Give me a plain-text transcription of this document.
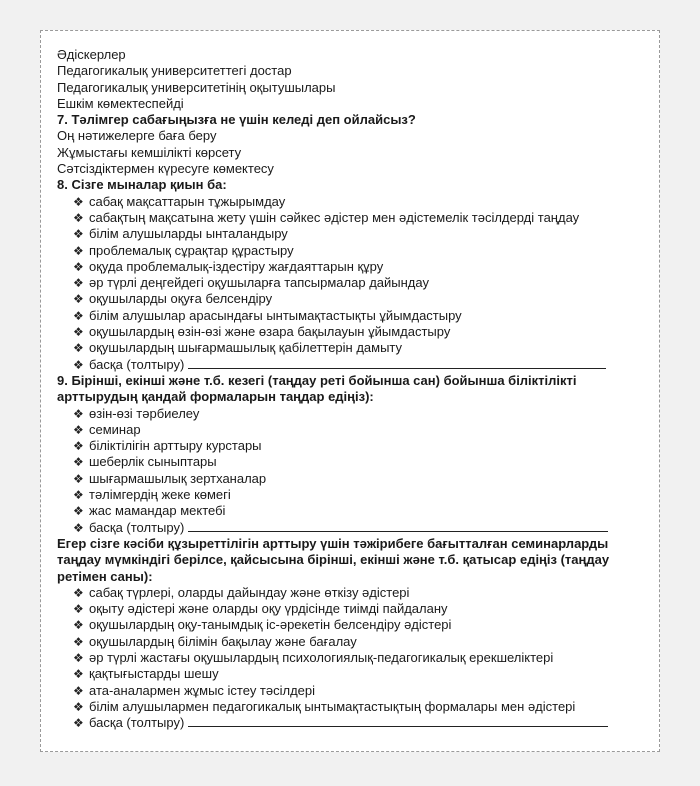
Әдіскерлер
Педагогикалық университеттегі достар
Педагогикалық университетінің оқытушылары
Ешкім көмектеспейді
7. Тәлімгер сабағыңызға не үшін келеді деп ойлайсыз?
Оң нәтижелерге баға беру
Жұмыстағы кемшілікті көрсету
Сәтсіздіктермен күресуге көмектесу
8. Сізге мыналар қиын ба:
❖ сабақ мақсаттарын тұжырымдау
❖ сабақтың мақсатына жету үшін сәйкес әдістер мен әдістемелік тәсілдерді таңдау
❖ білім алушыларды ынталандыру
❖ проблемалық сұрақтар құрастыру
❖ оқуда проблемалық-іздестіру жағдаяттарын құру
❖ әр түрлі деңгейдегі оқушыларға тапсырмалар дайындау
❖ оқушыларды оқуға белсендіру
❖ білім алушылар арасындағы ынтымақтастықты ұйымдастыру
❖ оқушылардың өзін-өзі және өзара бақылауын ұйымдастыру
❖ оқушылардың шығармашылық қабілеттерін дамыту
❖ басқа (толтыру)
9. Бірінші, екінші және т.б. кезегі (таңдау реті бойынша сан) бойынша біліктілікті арттырудың қандай формаларын таңдар едіңіз):
❖ өзін-өзі тәрбиелеу
❖ семинар
❖ біліктілігін арттыру курстары
❖ шеберлік сыныптары
❖ шығармашылық зертханалар
❖ тәлімгердің жеке көмегі
❖ жас мамандар мектебі
❖ басқа (толтыру)
Егер сізге кәсіби құзыреттілігін арттыру үшін тәжірибеге бағытталған семинарларды таңдау мүмкіндігі берілсе, қайсысына бірінші, екінші және т.б. қатысар едіңіз (таңдау ретімен саны):
❖ сабақ түрлері, оларды дайындау және өткізу әдістері
❖ оқыту әдістері және оларды оқу үрдісінде тиімді пайдалану
❖ оқушылардың оқу-танымдық іс-әрекетін белсендіру әдістері
❖ оқушылардың білімін бақылау және бағалау
❖ әр түрлі жастағы оқушылардың психологиялық-педагогикалық ерекшеліктері
❖ қақтығыстарды шешу
❖ ата-аналармен жұмыс істеу тәсілдері
❖ білім алушылармен педагогикалық ынтымақтастықтың формалары мен әдістері
❖ басқа (толтыру)
